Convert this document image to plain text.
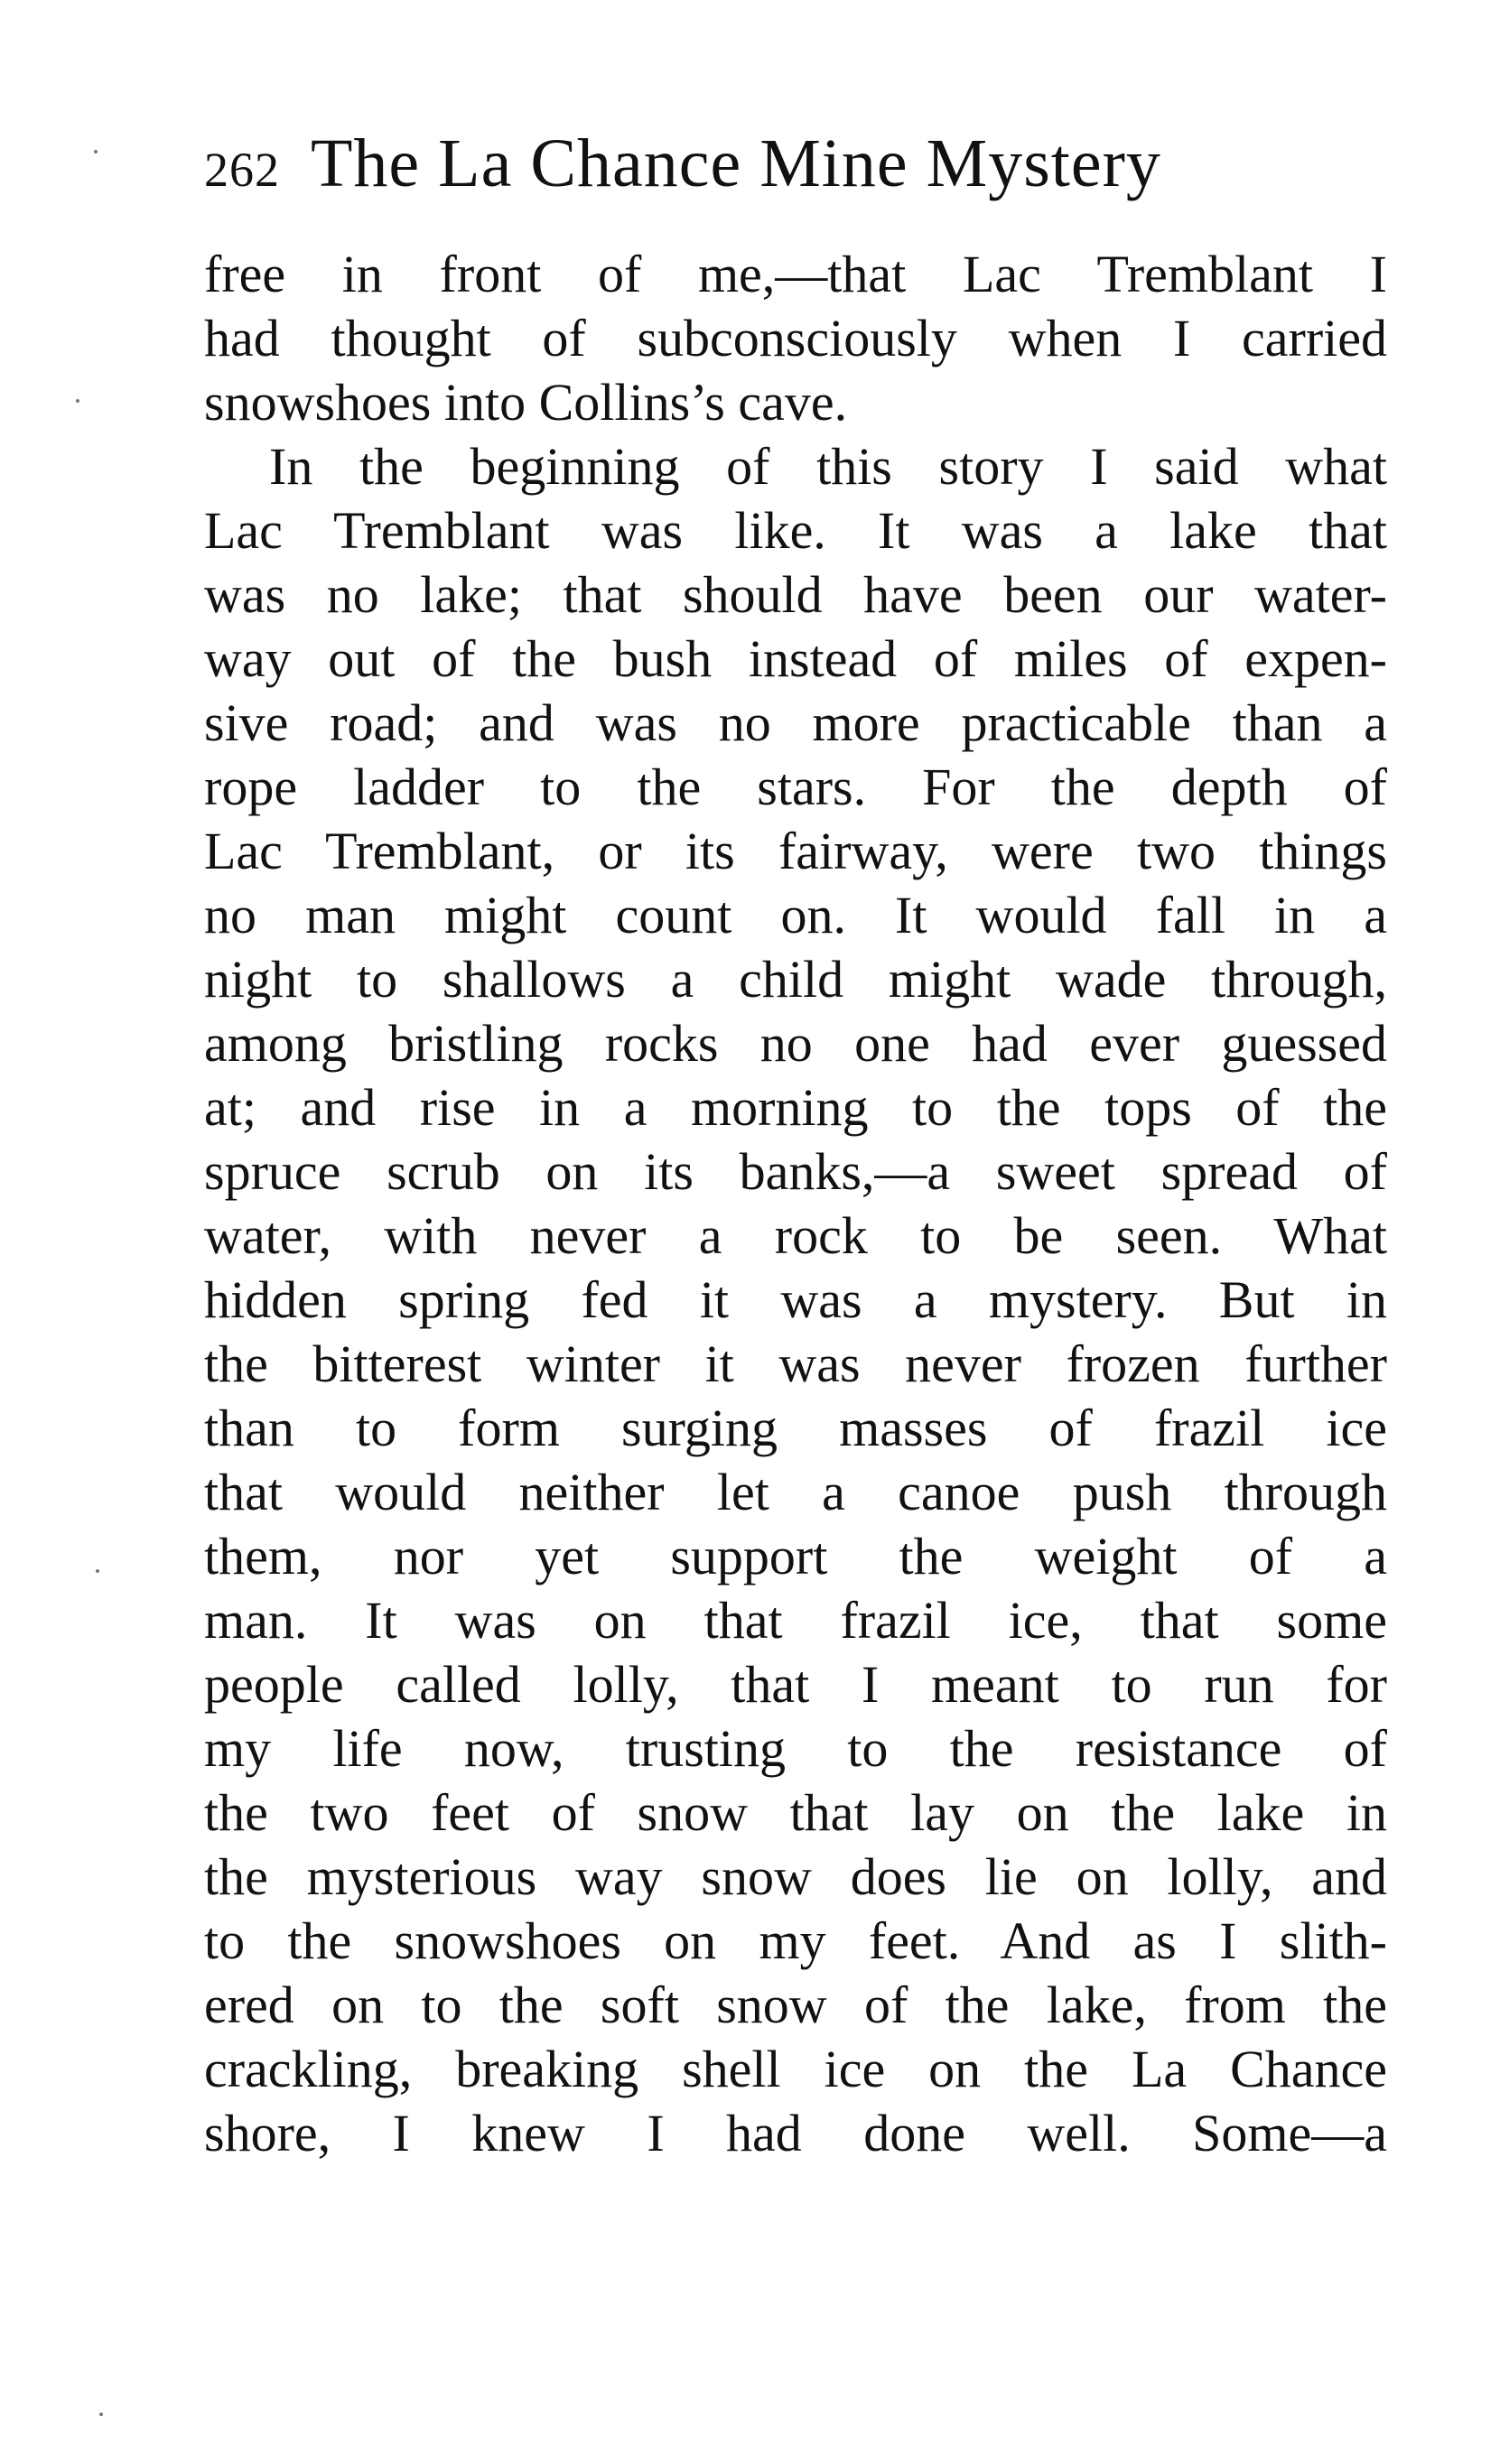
262 The La Chance Mine Mystery
free in front of me,—that Lac Tremblant I
had thought of subconsciously when I carried
snowshoes into Collins’s cave.
In the beginning of this story I said what
Lac Tremblant was like. It was a lake that
was no lake; that should have been our water-
way out of the bush instead of miles of expen-
sive road; and was no more practicable than a
rope ladder to the stars. For the depth of
Lac Tremblant, or its fairway, were two things
no man might count on. It would fall in a
night to shallows a child might wade through,
among bristling rocks no one had ever guessed
at; and rise in a morning to the tops of the
spruce scrub on its banks,—a sweet spread of
water, with never a rock to be seen. What
hidden spring fed it was a mystery. But in
the bitterest winter it was never frozen further
than to form surging masses of frazil ice
that would neither let a canoe push through
them, nor yet support the weight of a
man. It was on that frazil ice, that some
people called lolly, that I meant to run for
my life now, trusting to the resistance of
the two feet of snow that lay on the lake in
the mysterious way snow does lie on lolly, and
to the snowshoes on my feet. And as I slith-
ered on to the soft snow of the lake, from the
crackling, breaking shell ice on the La Chance
shore, I knew I had done well. Some—a
